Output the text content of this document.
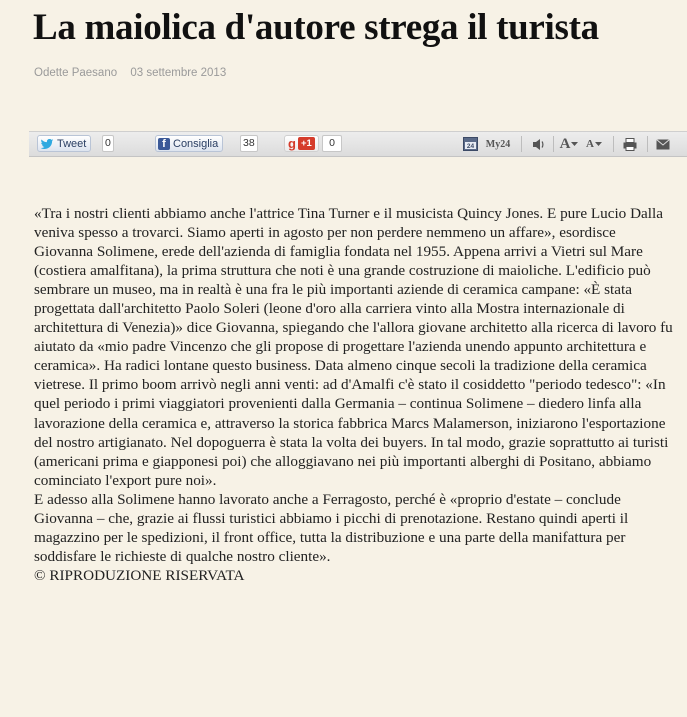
La maiolica d'autore strega il turista
Odette Paesano 03 settembre 2013
Tweet 0	f Consiglia 38	g +1	0	24 My24	A A

«Tra i nostri clienti abbiamo anche l'attrice Tina Turner e il musicista Quincy Jones. E pure Lucio Dalla veniva spesso a trovarci. Siamo aperti in agosto per non perdere nemmeno un affare», esordisce Giovanna Solimene, erede dell'azienda di famiglia fondata nel 1955. Appena arrivi a Vietri sul Mare (costiera amalfitana), la prima struttura che noti è una grande costruzione di maioliche. L'edificio può sembrare un museo, ma in realtà è una fra le più importanti aziende di ceramica campane: «È stata progettata dall'architetto Paolo Soleri (leone d'oro alla carriera vinto alla Mostra internazionale di architettura di Venezia)» dice Giovanna, spiegando che l'allora giovane architetto alla ricerca di lavoro fu aiutato da «mio padre Vincenzo che gli propose di progettare l'azienda unendo appunto architettura e ceramica». Ha radici lontane questo business. Data almeno cinque secoli la tradizione della ceramica vietrese. Il primo boom arrivò negli anni venti: ad d'Amalfi c'è stato il cosiddetto "periodo tedesco": «In quel periodo i primi viaggiatori provenienti dalla Germania – continua Solimene – diedero linfa alla lavorazione della ceramica e, attraverso la storica fabbrica Marcs Malamerson, iniziarono l'esportazione del nostro artigianato. Nel dopoguerra è stata la volta dei buyers. In tal modo, grazie soprattutto ai turisti (americani prima e giapponesi poi) che alloggiavano nei più importanti alberghi di Positano, abbiamo cominciato l'export pure noi».

E adesso alla Solimene hanno lavorato anche a Ferragosto, perché è «proprio d'estate – conclude Giovanna – che, grazie ai flussi turistici abbiamo i picchi di prenotazione. Restano quindi aperti il magazzino per le spedizioni, il front office, tutta la distribuzione e una parte della manifattura per soddisfare le richieste di qualche nostro cliente».

© RIPRODUZIONE RISERVATA
